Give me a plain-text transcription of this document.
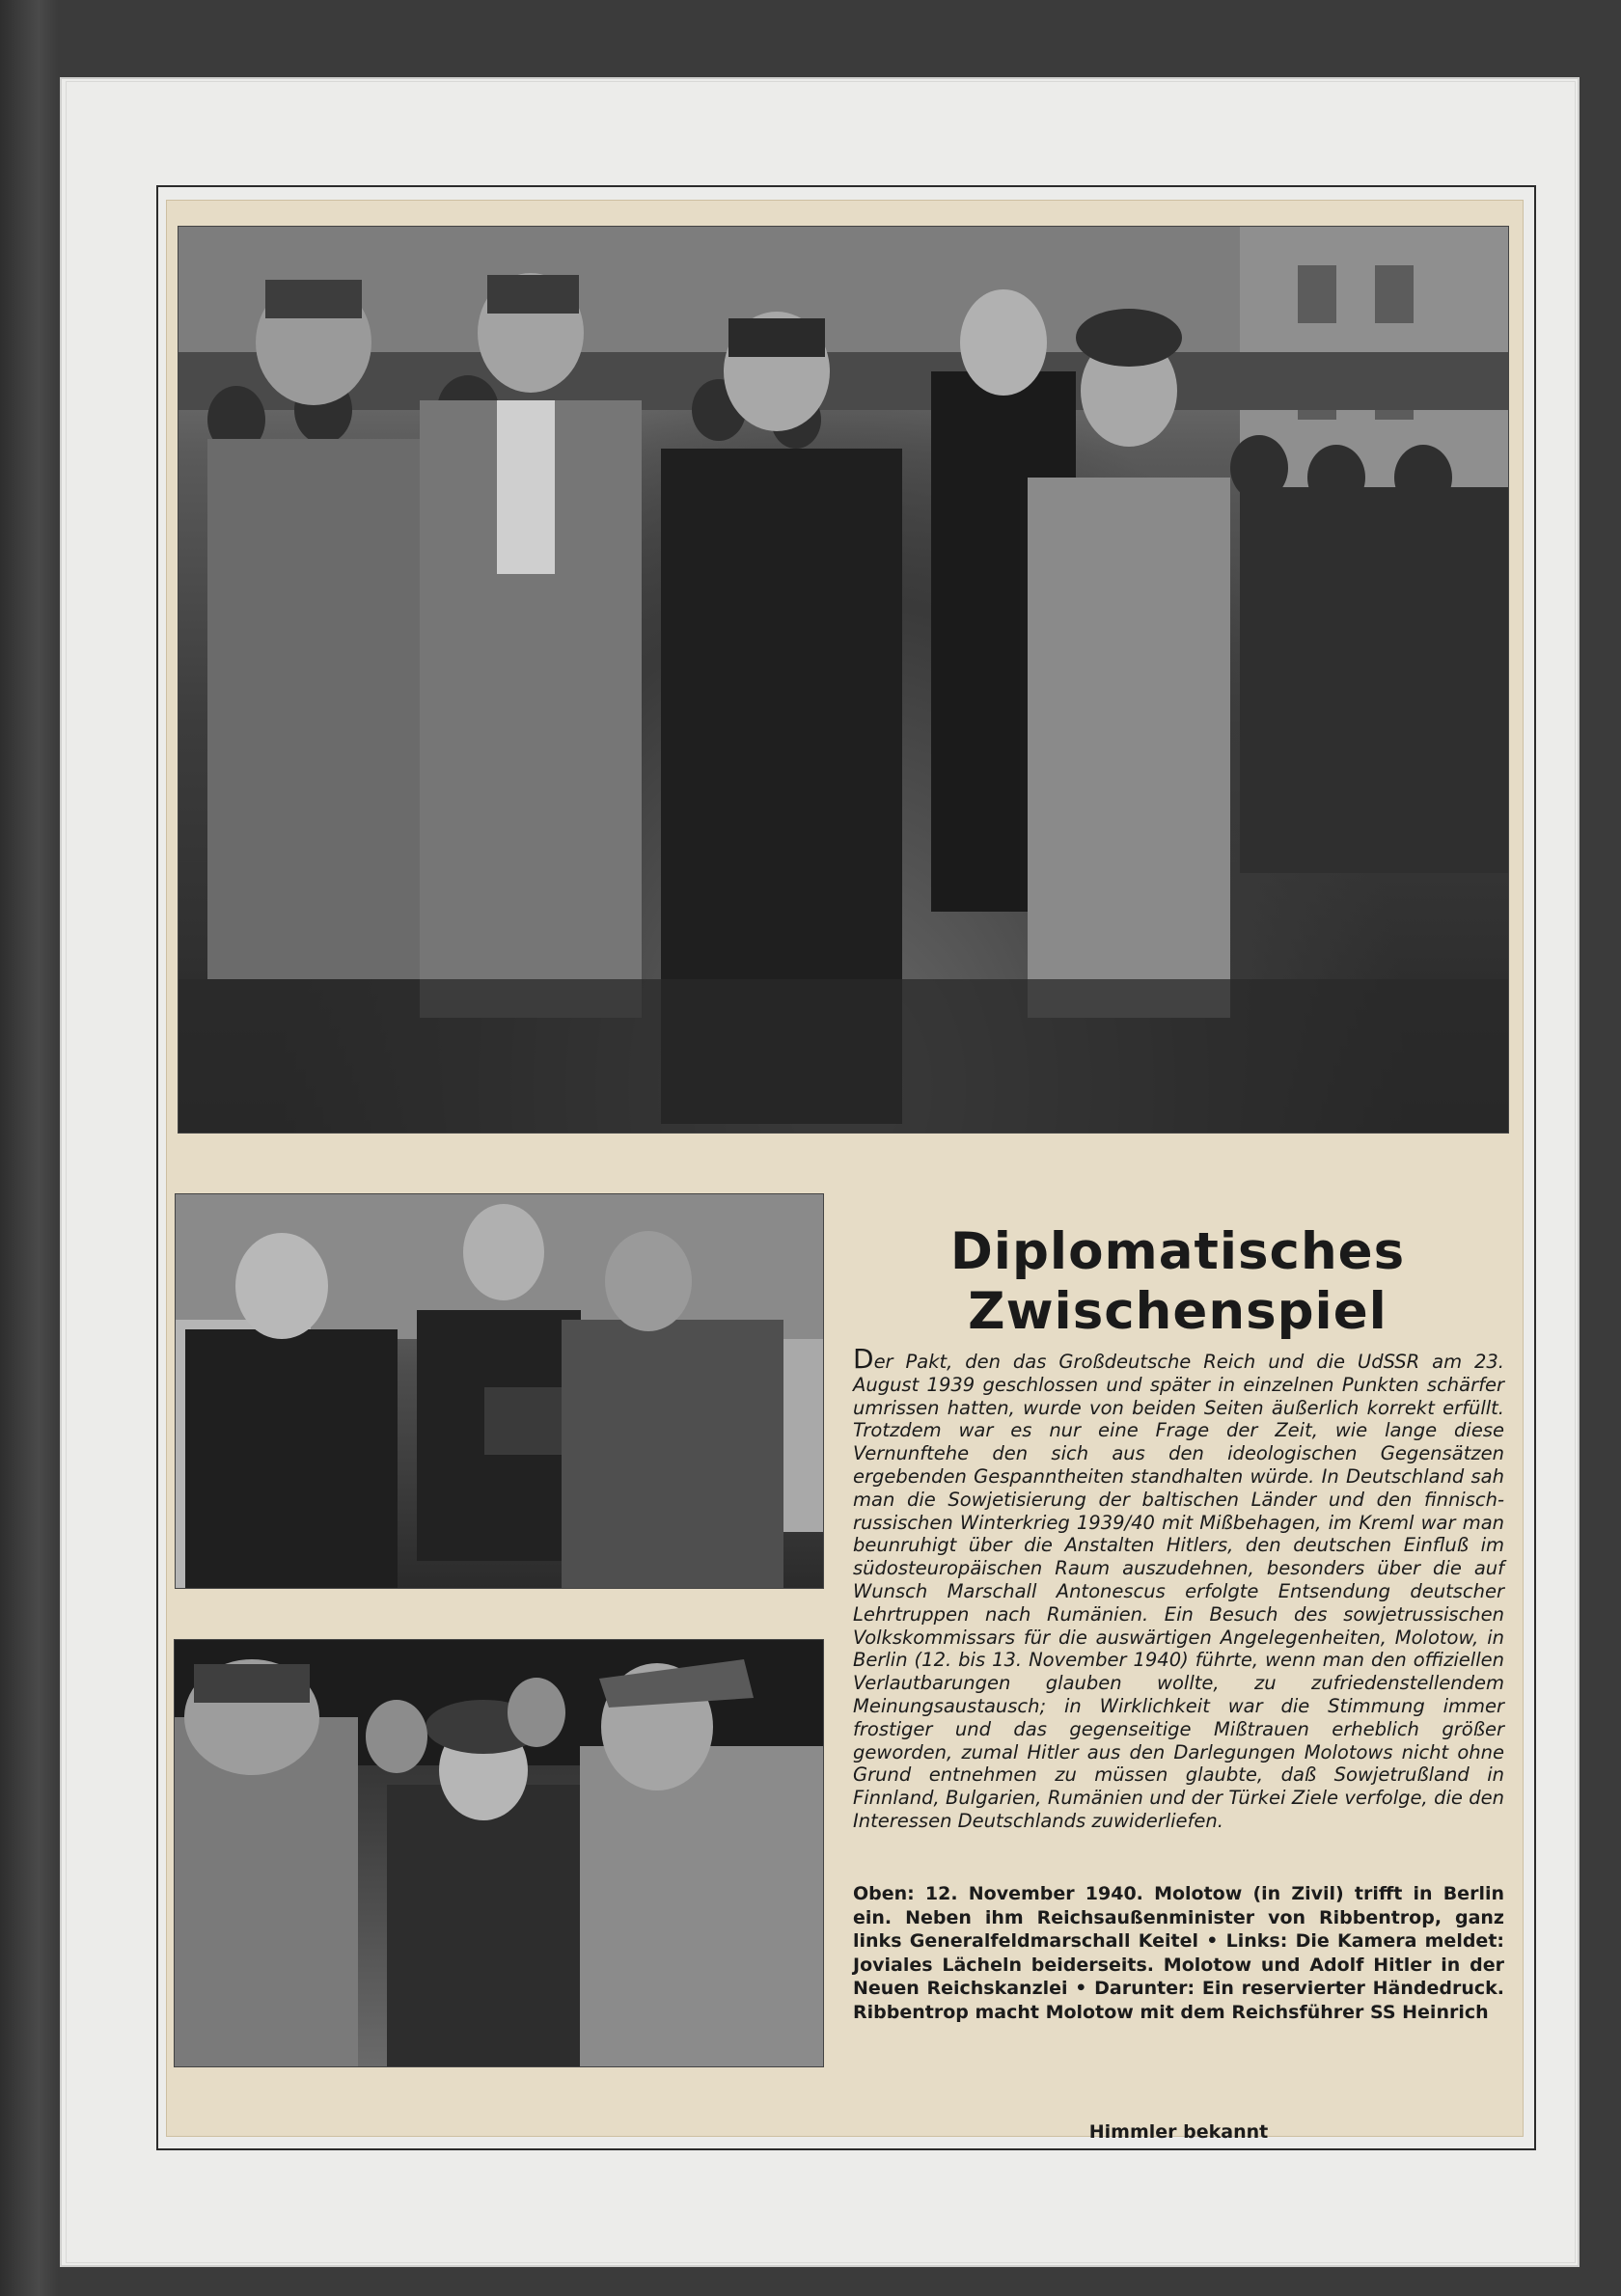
Diplomatisches
Zwischenspiel

Der Pakt, den das Großdeutsche Reich und die UdSSR am 23. August 1939 geschlossen und später in einzelnen Punkten schärfer umrissen hatten, wurde von beiden Seiten äußerlich korrekt erfüllt. Trotzdem war es nur eine Frage der Zeit, wie lange diese Vernunftehe den sich aus den ideologischen Gegensätzen ergebenden Gespanntheiten standhalten würde. In Deutschland sah man die Sowjetisierung der baltischen Länder und den finnisch-russischen Winterkrieg 1939/40 mit Mißbehagen, im Kreml war man beunruhigt über die Anstalten Hitlers, den deutschen Einfluß im südosteuropäischen Raum auszudehnen, besonders über die auf Wunsch Marschall Antonescus erfolgte Entsendung deutscher Lehrtruppen nach Rumänien. Ein Besuch des sowjetrussischen Volkskommissars für die auswärtigen Angelegenheiten, Molotow, in Berlin (12. bis 13. November 1940) führte, wenn man den offiziellen Verlautbarungen glauben wollte, zu zufriedenstellendem Meinungsaustausch; in Wirklichkeit war die Stimmung immer frostiger und das gegenseitige Mißtrauen erheblich größer geworden, zumal Hitler aus den Darlegungen Molotows nicht ohne Grund entnehmen zu müssen glaubte, daß Sowjetrußland in Finnland, Bulgarien, Rumänien und der Türkei Ziele verfolge, die den Interessen Deutschlands zuwiderliefen.

Oben: 12. November 1940. Molotow (in Zivil) trifft in Berlin ein. Neben ihm Reichsaußenminister von Ribbentrop, ganz links Generalfeldmarschall Keitel • Links: Die Kamera meldet: Joviales Lächeln beiderseits. Molotow und Adolf Hitler in der Neuen Reichskanzlei • Darunter: Ein reservierter Händedruck. Ribbentrop macht Molotow mit dem Reichsführer SS Heinrich

Himmler bekannt
